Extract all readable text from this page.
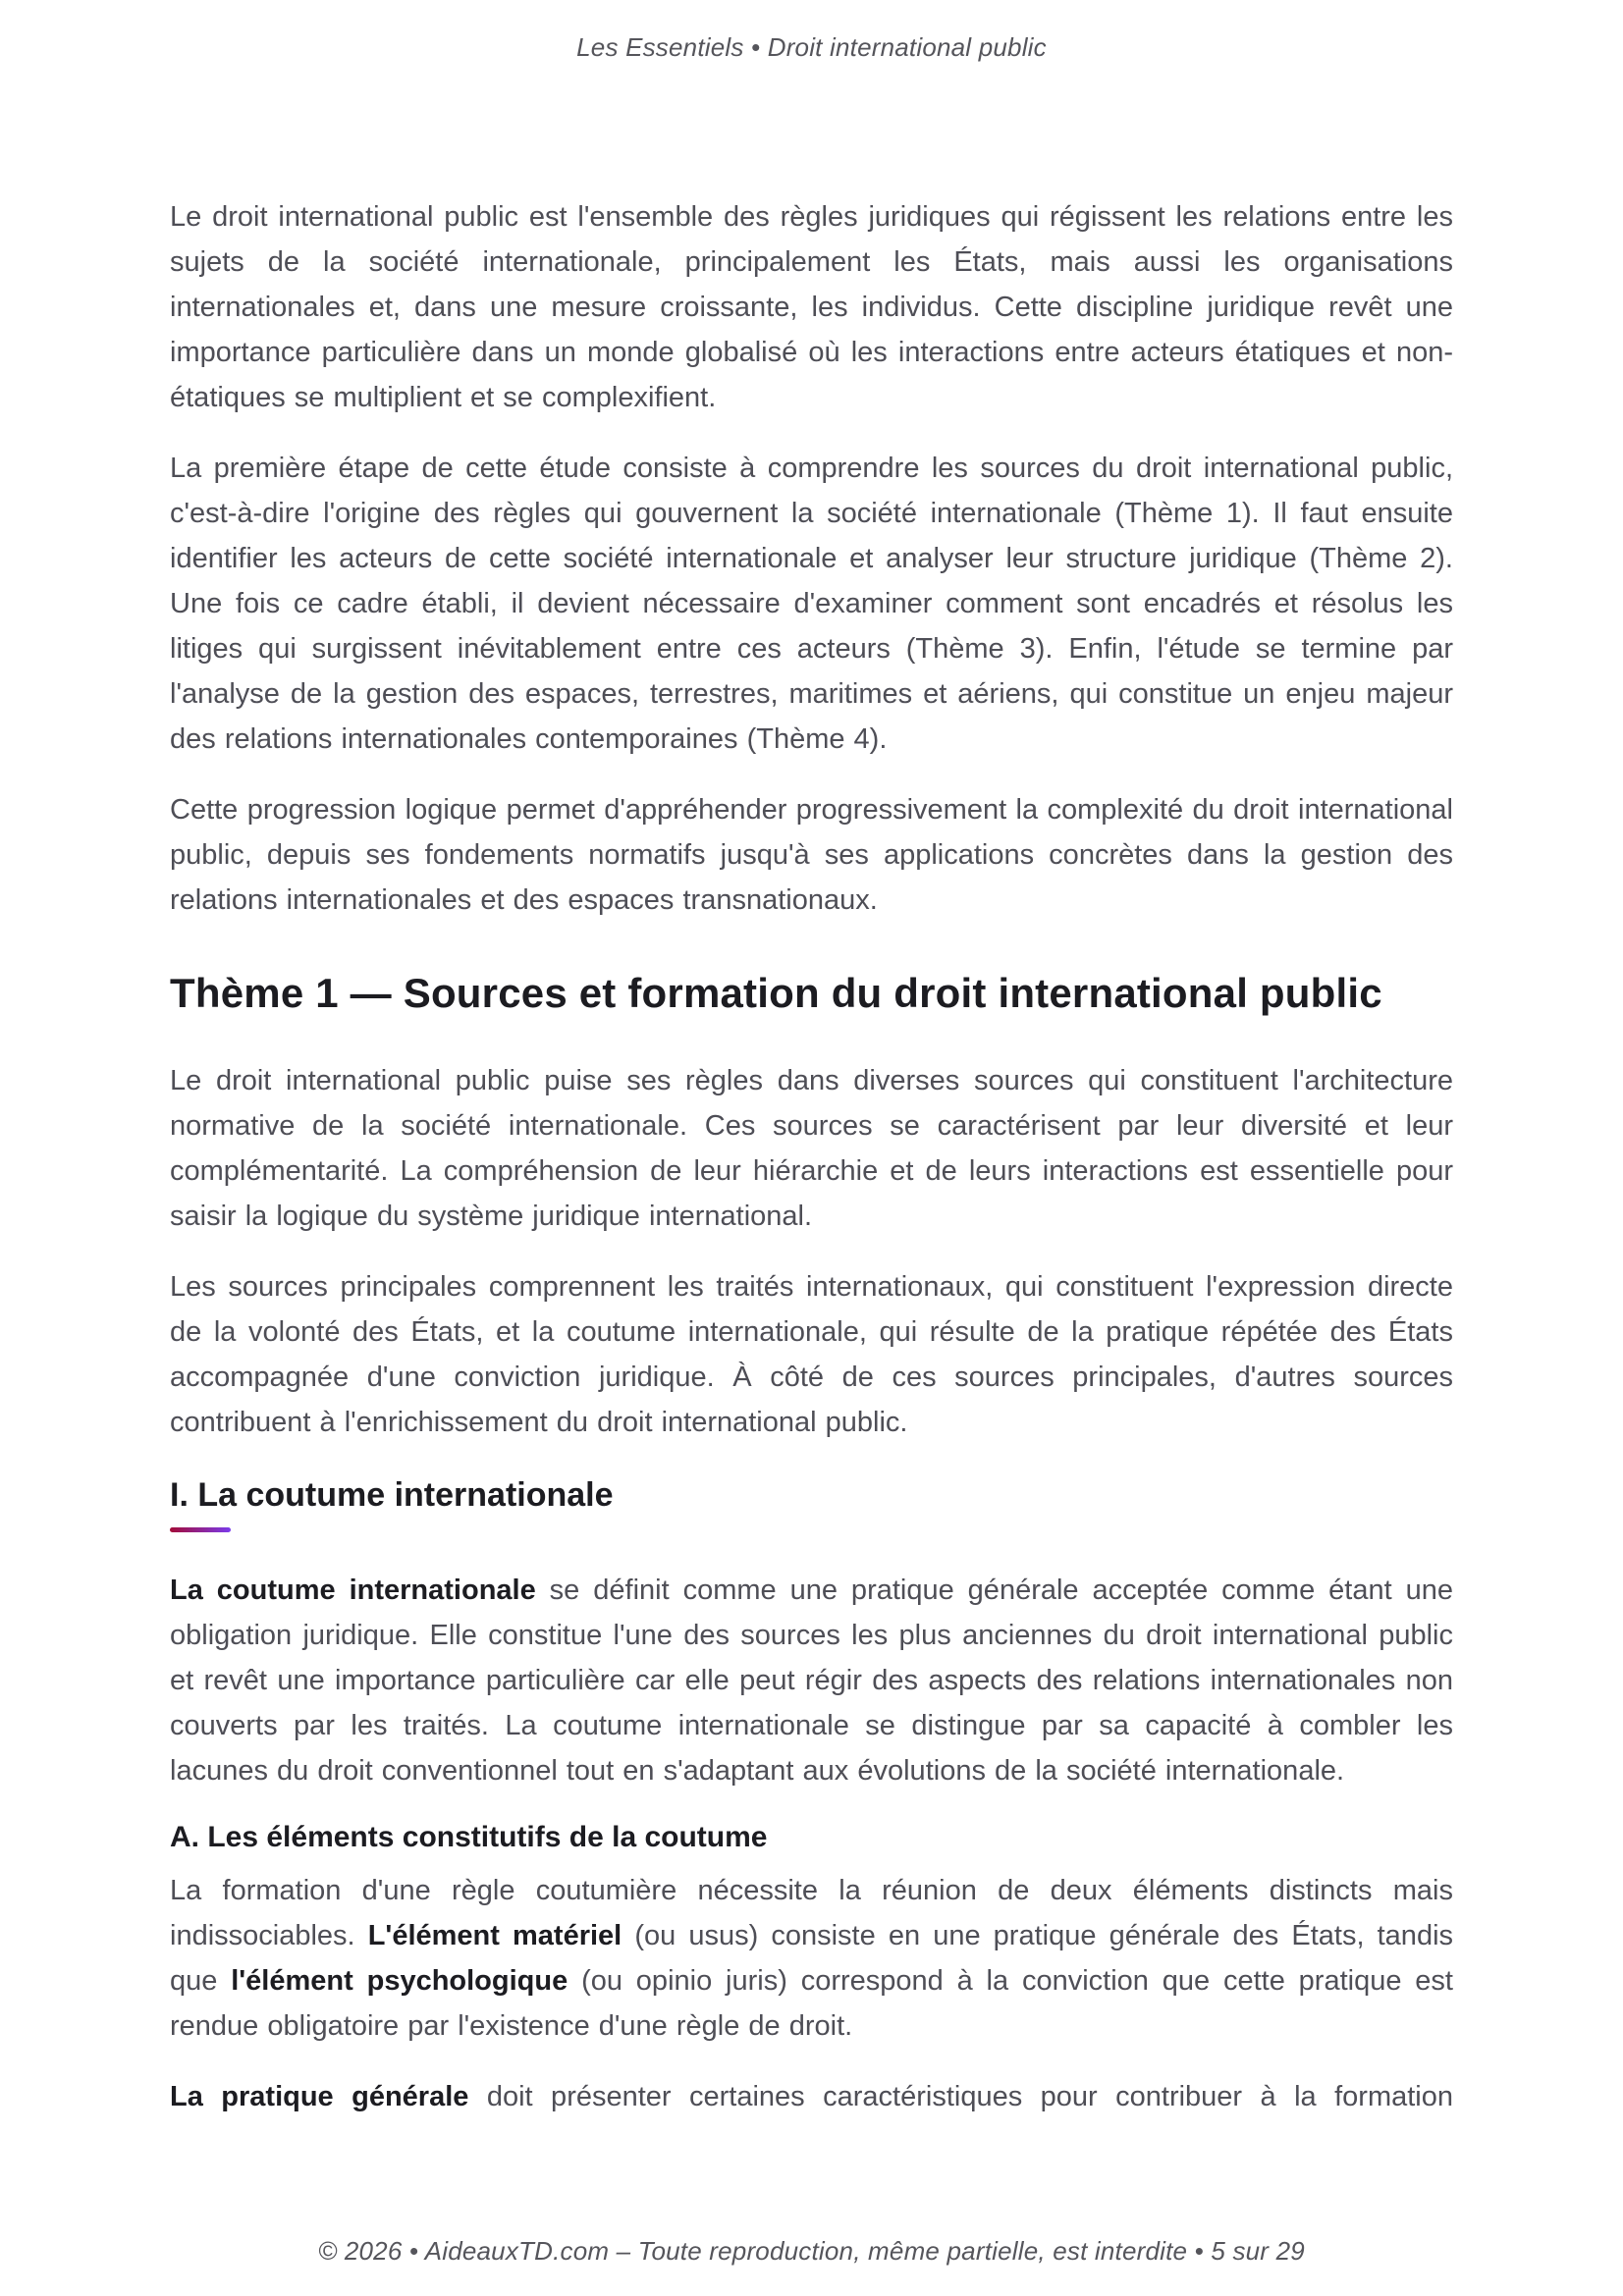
Les Essentiels • Droit international public

Le droit international public est l'ensemble des règles juridiques qui régissent les relations entre les sujets de la société internationale, principalement les États, mais aussi les organisations internationales et, dans une mesure croissante, les individus. Cette discipline juridique revêt une importance particulière dans un monde globalisé où les interactions entre acteurs étatiques et non-étatiques se multiplient et se complexifient.

La première étape de cette étude consiste à comprendre les sources du droit international public, c'est-à-dire l'origine des règles qui gouvernent la société internationale (Thème 1). Il faut ensuite identifier les acteurs de cette société internationale et analyser leur structure juridique (Thème 2). Une fois ce cadre établi, il devient nécessaire d'examiner comment sont encadrés et résolus les litiges qui surgissent inévitablement entre ces acteurs (Thème 3). Enfin, l'étude se termine par l'analyse de la gestion des espaces, terrestres, maritimes et aériens, qui constitue un enjeu majeur des relations internationales contemporaines (Thème 4).

Cette progression logique permet d'appréhender progressivement la complexité du droit international public, depuis ses fondements normatifs jusqu'à ses applications concrètes dans la gestion des relations internationales et des espaces transnationaux.

Thème 1 — Sources et formation du droit international public

Le droit international public puise ses règles dans diverses sources qui constituent l'architecture normative de la société internationale. Ces sources se caractérisent par leur diversité et leur complémentarité. La compréhension de leur hiérarchie et de leurs interactions est essentielle pour saisir la logique du système juridique international.

Les sources principales comprennent les traités internationaux, qui constituent l'expression directe de la volonté des États, et la coutume internationale, qui résulte de la pratique répétée des États accompagnée d'une conviction juridique. À côté de ces sources principales, d'autres sources contribuent à l'enrichissement du droit international public.

I. La coutume internationale

La coutume internationale se définit comme une pratique générale acceptée comme étant une obligation juridique. Elle constitue l'une des sources les plus anciennes du droit international public et revêt une importance particulière car elle peut régir des aspects des relations internationales non couverts par les traités. La coutume internationale se distingue par sa capacité à combler les lacunes du droit conventionnel tout en s'adaptant aux évolutions de la société internationale.

A. Les éléments constitutifs de la coutume

La formation d'une règle coutumière nécessite la réunion de deux éléments distincts mais indissociables. L'élément matériel (ou usus) consiste en une pratique générale des États, tandis que l'élément psychologique (ou opinio juris) correspond à la conviction que cette pratique est rendue obligatoire par l'existence d'une règle de droit.

La pratique générale doit présenter certaines caractéristiques pour contribuer à la formation

© 2026 • AideauxTD.com – Toute reproduction, même partielle, est interdite • 5 sur 29
